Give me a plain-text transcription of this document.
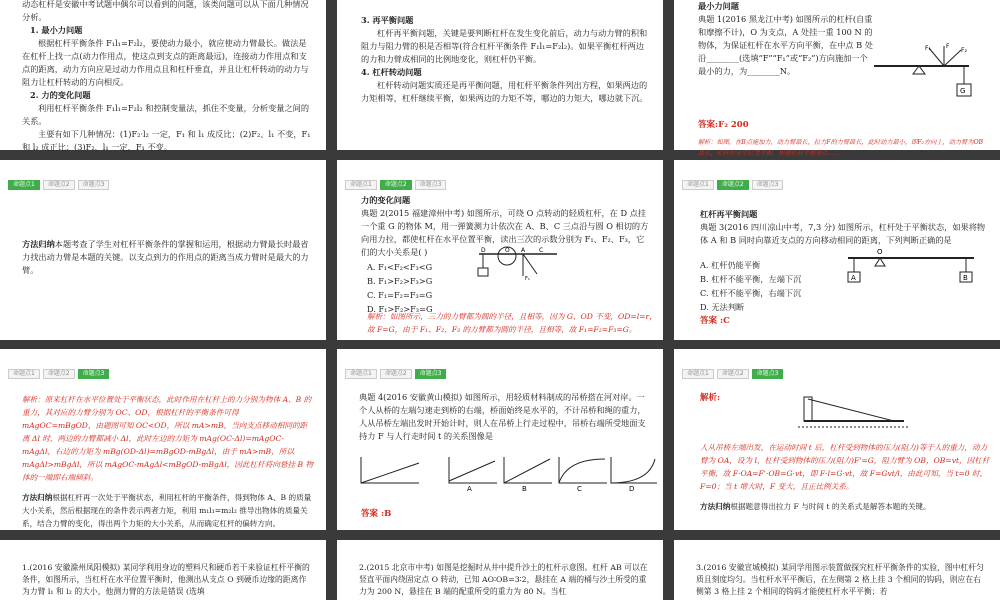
动态杠杆是安徽中考试题中偶尔可以看到的问题，该类问题可以从下面几种情况分析。

1. 最小力问题

根据杠杆平衡条件 F₁l₁=F₂l₂，要使动力最小，就应使动力臂最长。做法是在杠杆上找一点(动力作用点，使这点到支点的距离最远)，连接动力作用点和支点的距离，动力方向应是过动力作用点且和杠杆垂直，并且让杠杆转动的动力与阻力让杠杆转动的方向相反。

2. 力的变化问题

利用杠杆平衡条件 F₁l₁=F₂l₂ 和控制变量法，抓住不变量，分析变量之间的关系。

主要有如下几种情况：(1)F₂·l₂ 一定，F₁ 和 l₁ 成反比；(2)F₂、l₁ 不变，F₁ 和 l₂ 成正比；(3)F₂、l₁ 一定，F₁ 不变。

3. 再平衡问题

杠杆再平衡问题，关键是要判断杠杆在发生变化前后，动力与动力臂的积和阻力与阻力臂的积是否相等(符合杠杆平衡条件 F₁l₁=F₂l₂)。如果平衡杠杆两边的力和力臂成相同的比例地变化，则杠杆仍平衡。

4. 杠杆转动问题

杠杆转动问题实质还是再平衡问题，用杠杆平衡条件列出方程，如果两边的力矩相等，杠杆继续平衡，如果两边的力矩不等，哪边的力矩大，哪边就下沉。

最小力问题

典题 1(2016 黑龙江中考) 如图所示的杠杆(自重和摩擦不计)，O 为支点，A 处挂一重 100 N 的物体，为保证杠杆在水平方向平衡，在中点 B 处沿________(选填“F”“F₁”或“F₂”)方向施加一个最小的力，为________N。

G
F₁	F
F₂
答案:F₂ 200

解析：如图，在B点施加力，动力臂最长，拉力F的力臂最长，此时动力最小，即F₂方向上，动力臂为OB最长，杠杆在水平位置平衡，根据杠杆平衡条件……

命题点1	命题点2	命题点3

方法归纳本题考查了学生对杠杆平衡条件的掌握和运用，根据动力臂最长时最省力找出动力臂是本题的关键。以支点到力的作用点的距离当成力臂时是最大的力臂。

命题点1	命题点2	命题点3

力的变化问题

典题 2(2015 福建漳州中考) 如图所示，可绕 O 点转动的轻质杠杆，在 D 点挂一个重 G 的物体 M，用一弹簧测力计依次在 A、B、C 三点沿与圆 O 相切的方向用力拉，都使杠杆在水平位置平衡，读出三次的示数分别为 F₁、F₂、F₃，它们的大小关系是( )

A. F₁<F₂<F₃<G
B. F₁>F₂>F₃>G
C. F₁=F₂=F₃=G
D. F₁>F₂>F₃=G
D	O A C
F₁

解析：如图所示，三力的力臂都为圆的半径，且相等，因为 G、OD 不变，OD=l=r，故 F=G，由于 F₁、F₂、F₃ 的力臂都为圆的半径，且相等，故 F₁=F₂=F₃=G。

命题点1	命题点2	命题点3

杠杆再平衡问题

典题 3(2016 四川凉山中考，7,3 分) 如图所示，杠杆处于平衡状态，如果将物体 A 和 B 同时向靠近支点的方向移动相同的距离，下列判断正确的是

A. 杠杆仍能平衡
B. 杠杆不能平衡，左端下沉
C. 杠杆不能平衡，右端下沉
D. 无法判断
答案 :C
O
A	B
命题点1	命题点2	命题点3

解析：原来杠杆在水平位置处于平衡状态，此时作用在杠杆上的力分别为物体 A、B 的重力，其对应的力臂分别为 OC、OD，根据杠杆的平衡条件可得 mAgOC=mBgOD，由题图可知 OC<OD，所以 mA>mB，当向支点移动相同的距离 Δl 时，两边的力臂都减小 Δl，此时左边的力矩为 mAg(OC-Δl)=mAgOC-mAgΔl，右边的力矩为 mBg(OD-Δl)=mBgOD-mBgΔl，由于 mA>mB，所以 mAgΔl>mBgΔl，所以 mAgOC-mAgΔl<mBgOD-mBgΔl，因此杠杆将向悬挂 B 物体的一端即右端倾斜。

方法归纳根据杠杆再一次处于平衡状态，利用杠杆的平衡条件，得到物体 A、B 的质量大小关系，然后根据现在的条件表示两者力矩，利用 m₁l₁=m₂l₂ 推导出物体的质量关系，结合力臂的变化，得出两个力矩的大小关系，从而确定杠杆的偏转方向。

命题点1	命题点2	命题点3

典题 4(2016 安徽黄山模拟) 如图所示，用轻质材料制成的吊桥搭在河对岸。一个人从桥的左端匀速走到桥的右端，桥面始终是水平的，不计吊桥和绳的重力，人从吊桥左端出发时开始计时，则人在吊桥上行走过程中，吊桥右端所受地面支持力 F 与人行走时间 t 的关系图像是

A	B	C	D
答案 :B
命题点1	命题点2	命题点3
解析:

人从吊桥左端出发，在运动时间 t 后，杠杆受到物体的压力(阻力)等于人的重力，动力臂为 OA，设为 l，杠杆受到物体的压力(阻力)F'=G，阻力臂为 OB，OB=vt，因杠杆平衡，故 F·OA=F'·OB=G·vt，即 F·l=G·vt，故 F=Gvt/l，由此可知，当 t=0 时，F=0；当 t 增大时，F 变大，且正比例关系。

方法归纳根据题意得出拉力 F 与时间 t 的关系式是解答本题的关键。

1.(2016 安徽滁州凤阳模拟) 某同学利用身边的塑料尺和硬币若干来验证杠杆平衡的条件，如图所示，当杠杆在水平位置平衡时，他测出从支点 O 到硬币边缘的距离作为力臂 l₁ 和 l₂ 的大小，他测力臂的方法是错误 (选填

2.(2015 北京市中考) 如图是挖掘时从井中提升沙土的杠杆示意图。杠杆 AB 可以在竖直平面内绕固定点 O 转动，已知 AO∶OB=3∶2，悬挂在 A 端的桶与沙土所受的重力为 200 N，悬挂在 B 端的配重所受的重力为 80 N。当杠

3.(2016 安徽宣城模拟) 某同学用图示装置做探究杠杆平衡条件的实验，图中杠杆匀质且刻度均匀。当杠杆水平平衡后，在左侧第 2 格上挂 3 个相同的钩码，则应在右侧第 3 格上挂 2 个相同的钩码才能使杠杆水平平衡；若
